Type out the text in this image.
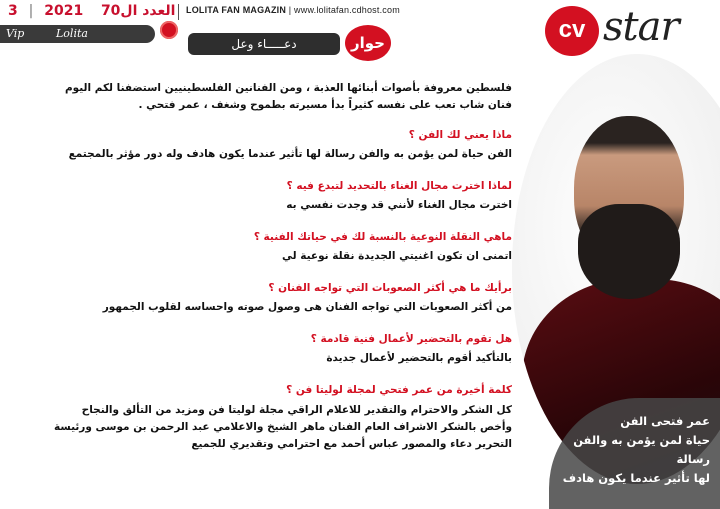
3 | 2021 العدد ال70 LOLITA FAN MAGAZIN | www.lolitafan.cdhost.com
Vip	Lolita
دعـــــاء وعل	حوار	cv star

فلسطين معروفة بأصوات أبنائها العذبة ، ومن الفنانين الفلسطينيين استضفنا لكم اليوم فنان شاب تعب على نفسه كثيراً بدأ مسيرته بطموح وشغف ، عمر فتحي .

ماذا يعني لك الفن ؟

الفن حياة لمن يؤمن به والفن رسالة لها تأثير عندما يكون هادف وله دور مؤثر بالمجتمع

لماذا اخترت مجال الغناء بالتحديد لتبدع فيه ؟

اخترت مجال الغناء لأنني قد وجدت نفسي به

ماهي النقلة النوعية بالنسبة لك في حياتك الفنية ؟

اتمنى ان تكون اغنيتي الجديدة نقلة نوعية لي

برأيك ما هي أكثر الصعوبات التي تواجه الفنان ؟

من أكثر الصعوبات التي تواجه الفنان هى وصول صوته واحساسه لقلوب الجمهور

هل تقوم بالتحضير لأعمال فنية قادمة ؟

بالتأكيد أقوم بالتحضير لأعمال جديدة

كلمة أخيرة من عمر فتحي لمجلة لوليتا فن ؟

كل الشكر والاحترام والتقدير للاعلام الراقي مجلة لوليتا فن ومزيد من التألق والنجاح وأخص بالشكر الاشراف العام الفنان ماهر الشيخ والاعلامي عبد الرحمن بن موسى ورئيسة التحرير دعاء والمصور عباس أحمد مع احترامي وتقديري للجميع

عمر فتحى الفن
حياة لمن يؤمن به والفن رسالة
لها تأثير عندما يكون هادف
